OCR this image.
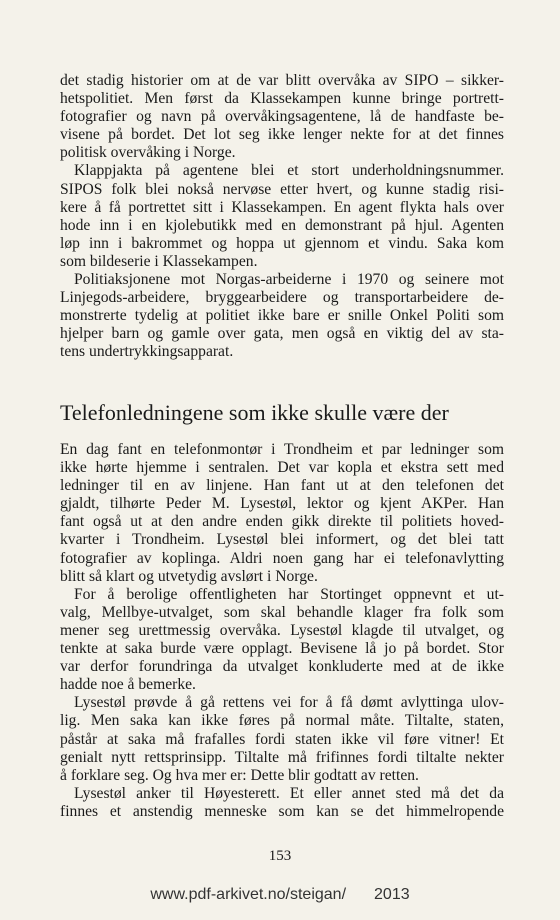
det stadig historier om at de var blitt overvåka av SIPO – sikker-
hetspolitiet. Men først da Klassekampen kunne bringe portrett-
fotografier og navn på overvåkingsagentene, lå de handfaste be-
visene på bordet. Det lot seg ikke lenger nekte for at det finnes
politisk overvåking i Norge.
Klappjakta på agentene blei et stort underholdningsnummer.
SIPOS folk blei nokså nervøse etter hvert, og kunne stadig risi-
kere å få portrettet sitt i Klassekampen. En agent flykta hals over
hode inn i en kjolebutikk med en demonstrant på hjul. Agenten
løp inn i bakrommet og hoppa ut gjennom et vindu. Saka kom
som bildeserie i Klassekampen.
Politiaksjonene mot Norgas-arbeiderne i 1970 og seinere mot
Linjegods-arbeidere, bryggearbeidere og transportarbeidere de-
monstrerte tydelig at politiet ikke bare er snille Onkel Politi som
hjelper barn og gamle over gata, men også en viktig del av sta-
tens undertrykkingsapparat.
Telefonledningene som ikke skulle være der
En dag fant en telefonmontør i Trondheim et par ledninger som
ikke hørte hjemme i sentralen. Det var kopla et ekstra sett med
ledninger til en av linjene. Han fant ut at den telefonen det
gjaldt, tilhørte Peder M. Lysestøl, lektor og kjent AKPer. Han
fant også ut at den andre enden gikk direkte til politiets hoved-
kvarter i Trondheim. Lysestøl blei informert, og det blei tatt
fotografier av koplinga. Aldri noen gang har ei telefonavlytting
blitt så klart og utvetydig avslørt i Norge.
For å berolige offentligheten har Stortinget oppnevnt et ut-
valg, Mellbye-utvalget, som skal behandle klager fra folk som
mener seg urettmessig overvåka. Lysestøl klagde til utvalget, og
tenkte at saka burde være opplagt. Bevisene lå jo på bordet. Stor
var derfor forundringa da utvalget konkluderte med at de ikke
hadde noe å bemerke.
Lysestøl prøvde å gå rettens vei for å få dømt avlyttinga ulov-
lig. Men saka kan ikke føres på normal måte. Tiltalte, staten,
påstår at saka må frafalles fordi staten ikke vil føre vitner! Et
genialt nytt rettsprinsipp. Tiltalte må frifinnes fordi tiltalte nekter
å forklare seg. Og hva mer er: Dette blir godtatt av retten.
Lysestøl anker til Høyesterett. Et eller annet sted må det da
finnes et anstendig menneske som kan se det himmelropende
153
www.pdf-arkivet.no/steigan/ 2013
